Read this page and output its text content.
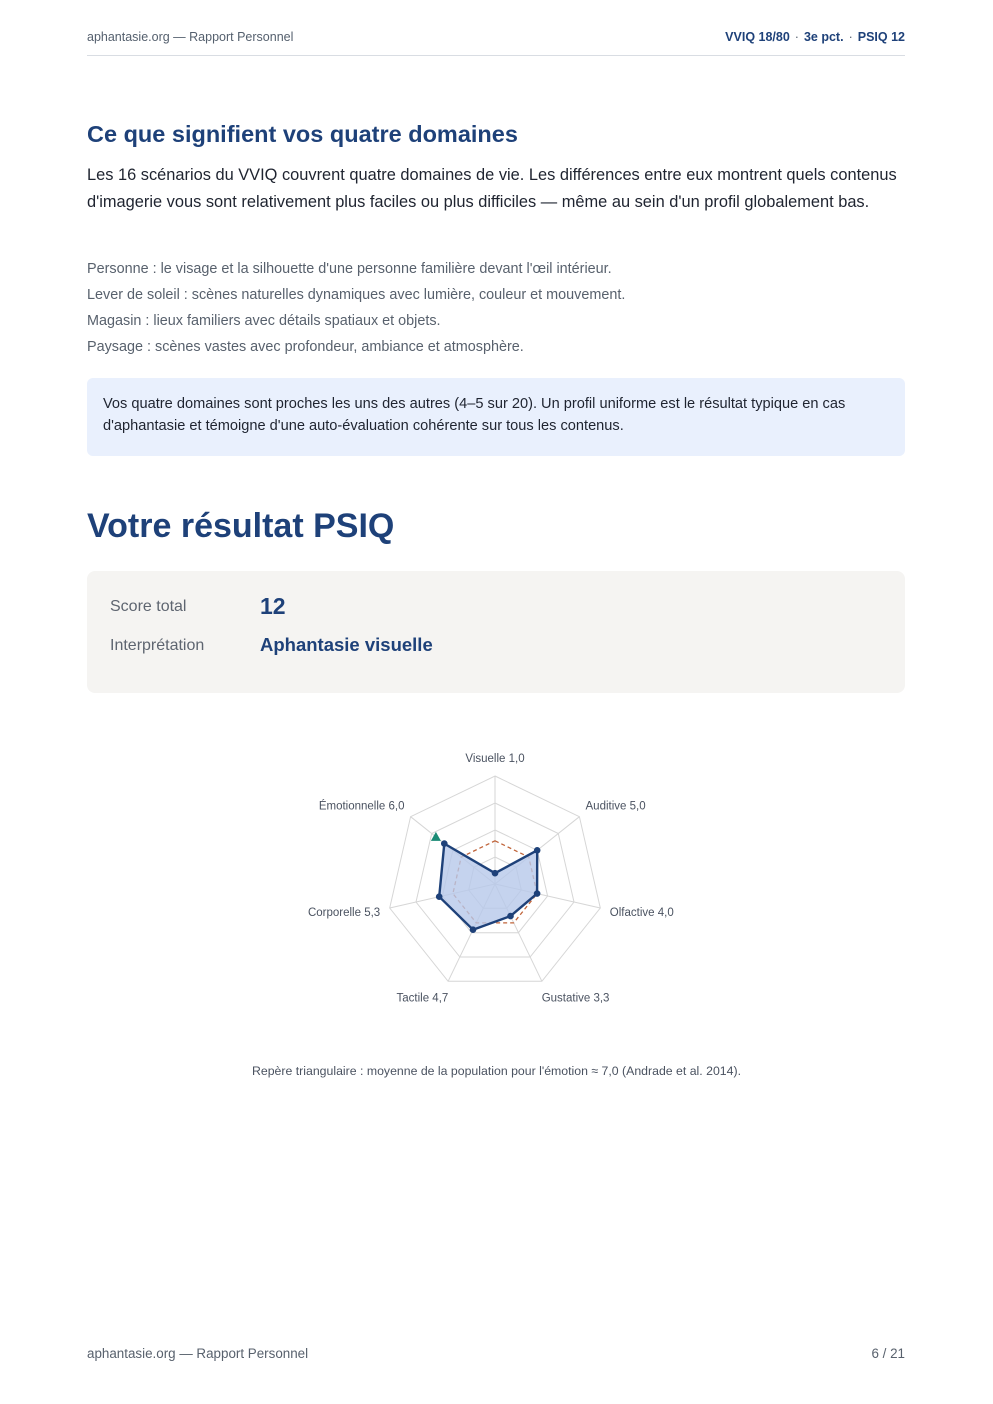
aphantasie.org — Rapport Personnel	VVIQ 18/80 · 3e pct. · PSIQ 12
Ce que signifient vos quatre domaines

Les 16 scénarios du VVIQ couvrent quatre domaines de vie. Les différences entre eux montrent quels contenus d'imagerie vous sont relativement plus faciles ou plus difficiles — même au sein d'un profil globalement bas.

Personne : le visage et la silhouette d'une personne familière devant l'œil intérieur.
Lever de soleil : scènes naturelles dynamiques avec lumière, couleur et mouvement.
Magasin : lieux familiers avec détails spatiaux et objets.
Paysage : scènes vastes avec profondeur, ambiance et atmosphère.
Vos quatre domaines sont proches les uns des autres (4–5 sur 20). Un profil uniforme est le résultat typique en cas d'aphantasie et témoigne d'une auto-évaluation cohérente sur tous les contenus.
Votre résultat PSIQ
Score total	12
Interprétation	Aphantasie visuelle
Visuelle 1,0
Auditive 5,0
Olfactive 4,0
Gustative 3,3
Tactile 4,7
Corporelle 5,3
Émotionnelle 6,0
Repère triangulaire : moyenne de la population pour l'émotion ≈ 7,0 (Andrade et al. 2014).
aphantasie.org — Rapport Personnel	6 / 21
